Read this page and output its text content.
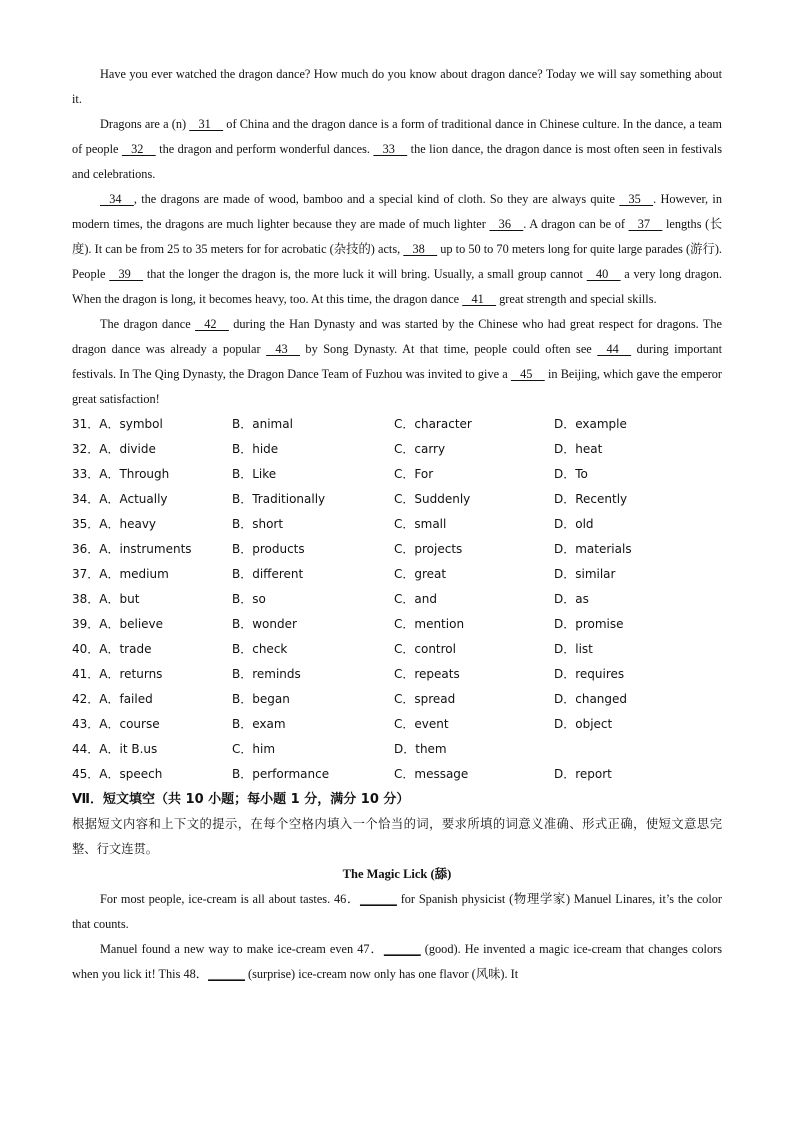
Have you ever watched the dragon dance? How much do you know about dragon dance? Today we will say something about it.

Dragons are a (n)    31     of China and the dragon dance is a form of traditional dance in Chinese culture. In the dance, a team of people    32     the dragon and perform wonderful dances.    33     the lion dance, the dragon dance is most often seen in festivals and celebrations.

34    , the dragons are made of wood, bamboo and a special kind of cloth. So they are always quite    35    . However, in modern times, the dragons are much lighter because they are made of much lighter    36    . A dragon can be of    37     lengths (长度). It can be from 25 to 35 meters for for acrobatic (杂技的) acts,    38     up to 50 to 70 meters long for quite large parades (游行). People    39     that the longer the dragon is, the more luck it will bring. Usually, a small group cannot    40     a very long dragon. When the dragon is long, it becomes heavy, too. At this time, the dragon dance    41     great strength and special skills.

The dragon dance    42     during the Han Dynasty and was started by the Chinese who had great respect for dragons. The dragon dance was already a popular    43     by Song Dynasty. At that time, people could often see    44     during important festivals. In The Qing Dynasty, the Dragon Dance Team of Fuzhou was invited to give a    45     in Beijing, which gave the emperor great satisfaction!

31．A．symbol	B．animal	C．character	D．example
32．A．divide	B．hide	C．carry	D．heat
33．A．Through	B．Like	C．For	D．To
34．A．Actually	B．Traditionally	C．Suddenly	D．Recently
35．A．heavy	B．short	C．small	D．old
36．A．instruments	B．products	C．projects	D．materials
37．A．medium	B．different	C．great	D．similar
38．A．but	B．so	C．and	D．as
39．A．believe	B．wonder	C．mention	D．promise
40．A．trade	B．check	C．control	D．list
41．A．returns	B．reminds	C．repeats	D．requires
42．A．failed	B．began	C．spread	D．changed
43．A．course	B．exam	C．event	D．object
44．A．it B.us	C．him	D．them
45．A．speech	B．performance	C．message	D．report
Ⅶ．短文填空（共 10 小题；每小题 1 分，满分 10 分）

根据短文内容和上下文的提示，在每个空格内填入一个恰当的词，要求所填的词意义准确、形式正确，使短文意思完整、行文连贯。

The Magic Lick (舔)

For most people, ice-cream is all about tastes. 46．______ for Spanish physicist (物理学家) Manuel Linares, it’s the color that counts.

Manuel found a new way to make ice-cream even 47．______ (good). He invented a magic ice-cream that changes colors when you lick it! This 48．______ (surprise) ice-cream now only has one flavor (风味). It
